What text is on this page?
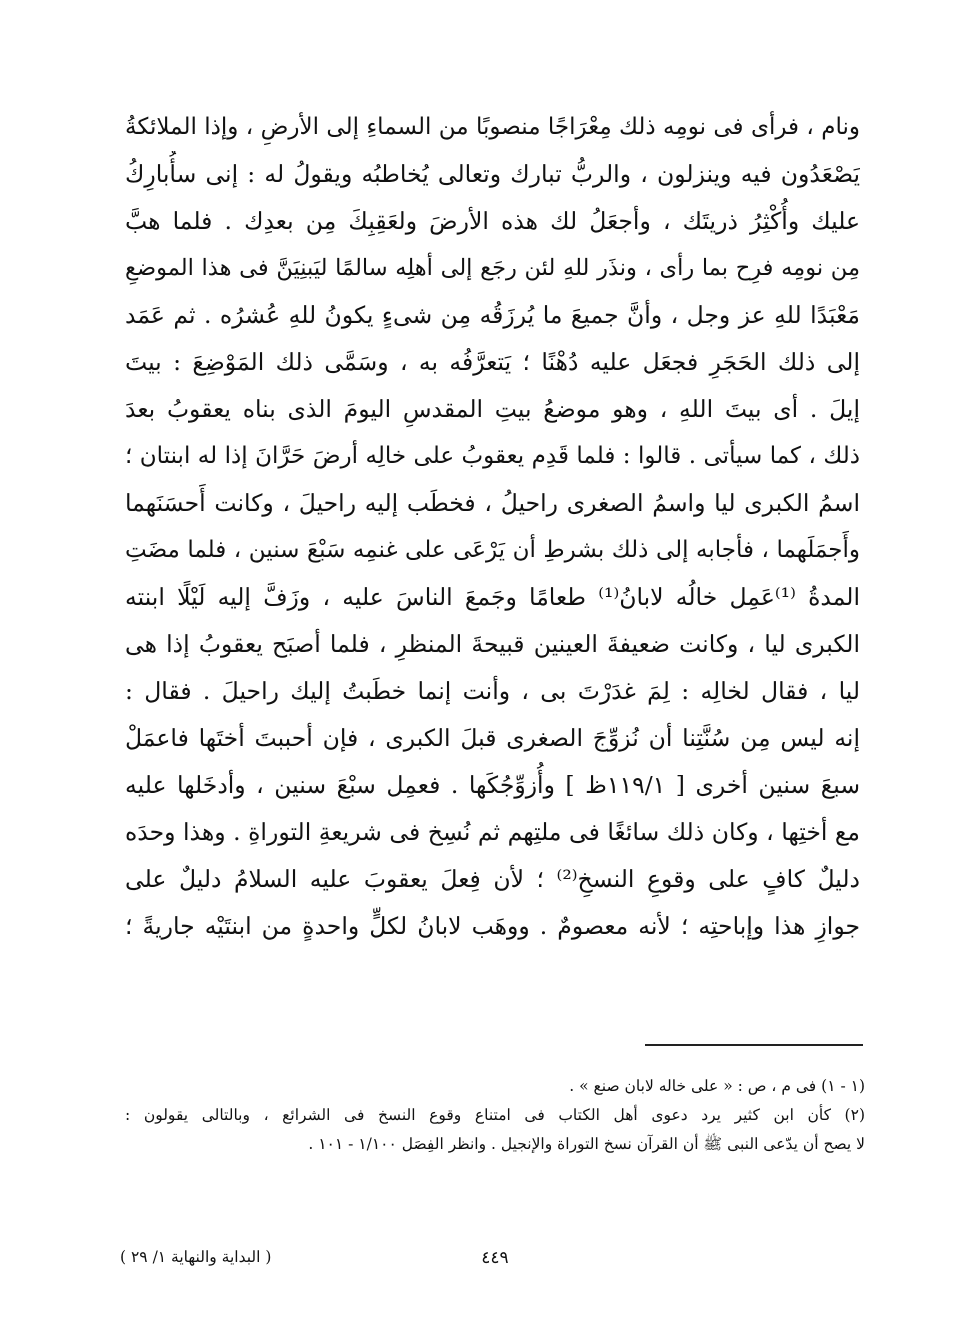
ونام ، فرأى فى نومِه ذلك مِعْرَاجًا منصوبًا من السماءِ إلى الأرضِ ، وإذا الملائكةُ
يَصْعَدُون فيه وينزلون ، والربُّ تبارك وتعالى يُخاطبُه ويقولُ له : إنى سأُبارِكُ
عليك وأُكْثِرُ ذريتَك ، وأجعَلُ لك هذه الأرضَ ولعَقِبِكَ مِن بعدِك . فلما هبَّ
مِن نومِه فرِح بما رأى ، ونذَر للهِ لئن رجَع إلى أهلِه سالمًا ليَبنِيَنَّ فى هذا الموضعِ
مَعْبَدًا للهِ عز وجل ، وأنَّ جميعَ ما يُرزَقُه مِن شىءٍ يكونُ للهِ عُشرُه . ثم عَمَد
إلى ذلك الحَجَرِ فجعَل عليه دُهْنًا ؛ يَتعرَّفُه به ، وسَمَّى ذلك المَوْضِعَ : بيتَ
إيلَ . أى بيتَ اللهِ ، وهو موضعُ بيتِ المقدسِ اليومَ الذى بناه يعقوبُ بعدَ
ذلك ، كما سيأتى . قالوا : فلما قَدِم يعقوبُ على خالِه أرضَ حَرَّانَ إذا له ابنتان ؛
اسمُ الكبرى ليا واسمُ الصغرى راحيلُ ، فخطَب إليه راحيلَ ، وكانت أَحسَنَهما
وأَجمَلَهما ، فأجابه إلى ذلك بشرطِ أن يَرْعَى على غنمِه سَبْعَ سنين ، فلما مضَتِ
المدةُ ⁽¹⁾عَمِل خالُه لابانُ⁽¹⁾ طعامًا وجَمعَ الناسَ عليه ، وزَفَّ إليه لَيْلًا ابنته
الكبرى ليا ، وكانت ضعيفةَ العينين قبيحةَ المنظرِ ، فلما أصبَح يعقوبُ إذا هى
ليا ، فقال لخالِه : لِمَ غدَرْتَ بى ، وأنت إنما خطَبتُ إليك راحيلَ . فقال :
إنه ليس مِن سُنَّتِنا أن نُزوِّجَ الصغرى قبلَ الكبرى ، فإن أحببتَ أختَها فاعمَلْ
سبعَ سنين أخرى [ ١١٩/١ظ ] وأُزوِّجُكَها . فعمِل سبْعَ سنين ، وأدخَلها عليه
مع أختِها ، وكان ذلك سائغًا فى ملتِهم ثم نُسِخ فى شريعةِ التوراةِ . وهذا وحدَه
دليلٌ كافٍ على وقوعِ النسخِ⁽²⁾ ؛ لأن فِعلَ يعقوبَ عليه السلامُ دليلٌ على
جوازِ هذا وإباحتِه ؛ لأنه معصومٌ . ووهَب لابانُ لكلٍّ واحدةٍ من ابنتَيْه جاريةً ؛
(١ - ١) فى م ، ص : « على خاله لابان صنع » .
(٢) كأن ابن كثير يرد دعوى أهل الكتاب فى امتناع وقوع النسخ فى الشرائع ، وبالتالى يقولون :
لا يصح أن يدّعى النبى ﷺ أن القرآن نسخ التوراة والإنجيل . وانظر الفِصَل ١/١٠٠ - ١٠١ .
٤٤٩
( البداية والنهاية ١/ ٢٩ )
